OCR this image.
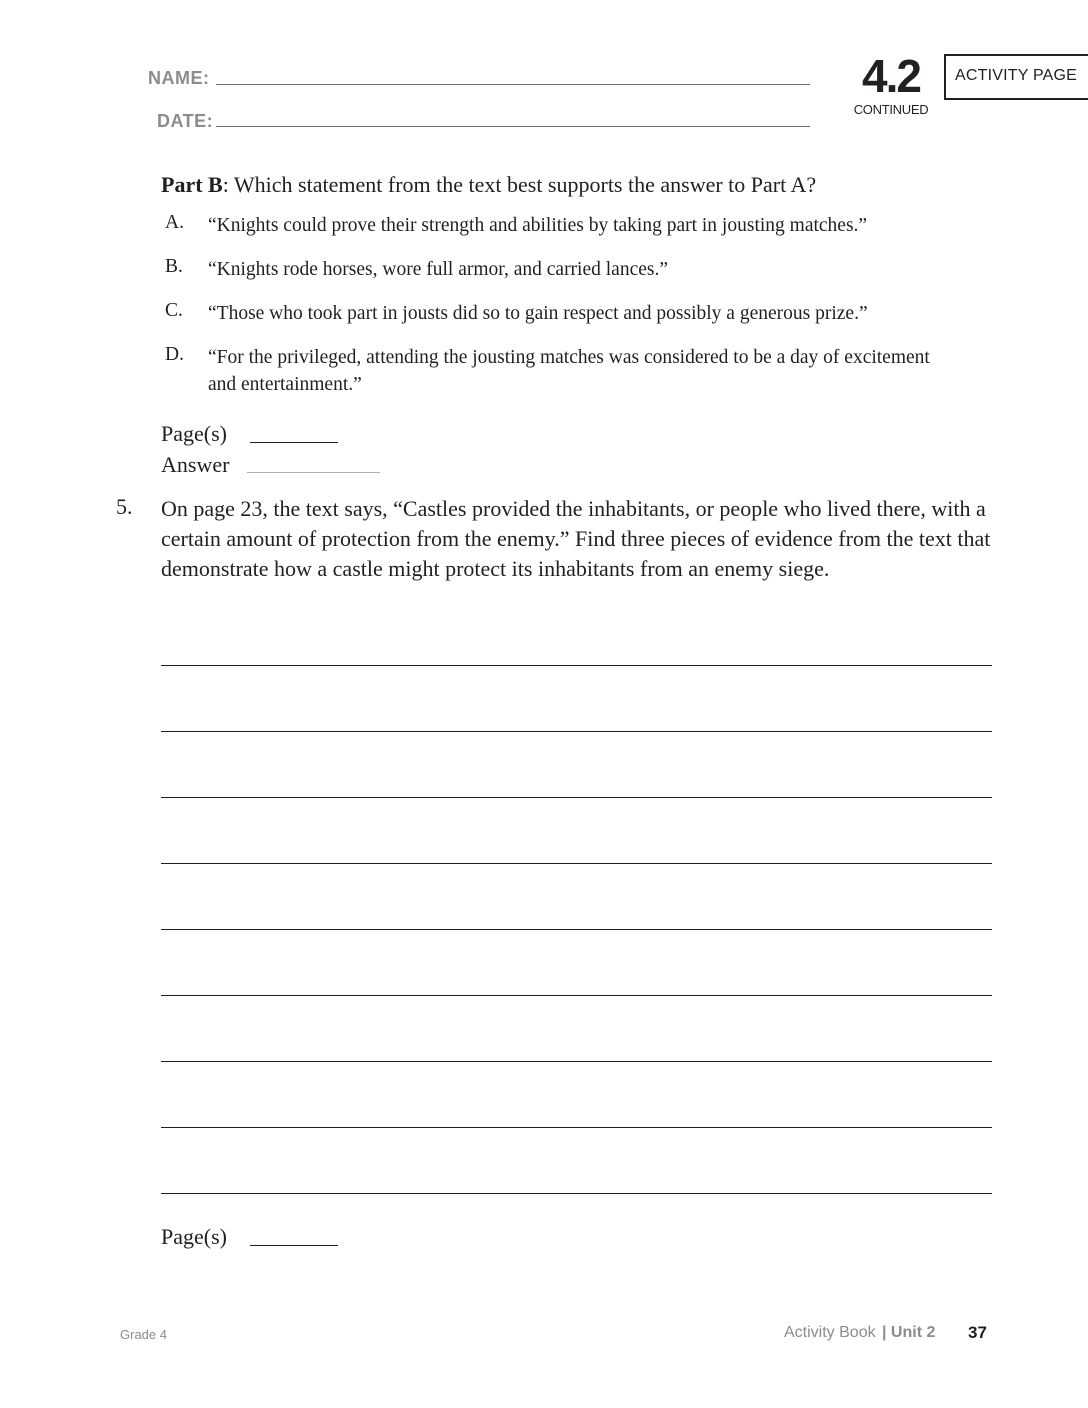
NAME:
DATE:
4.2
CONTINUED
ACTIVITY PAGE
Part B: Which statement from the text best supports the answer to Part A?
A. “Knights could prove their strength and abilities by taking part in jousting matches.”
B. “Knights rode horses, wore full armor, and carried lances.”
C. “Those who took part in jousts did so to gain respect and possibly a generous prize.”
D. “For the privileged, attending the jousting matches was considered to be a day of excitement and entertainment.”
Page(s)
Answer
5. On page 23, the text says, “Castles provided the inhabitants, or people who lived there, with a certain amount of protection from the enemy.” Find three pieces of evidence from the text that demonstrate how a castle might protect its inhabitants from an enemy siege.
Page(s)
Grade 4	Activity Book | Unit 2 37
